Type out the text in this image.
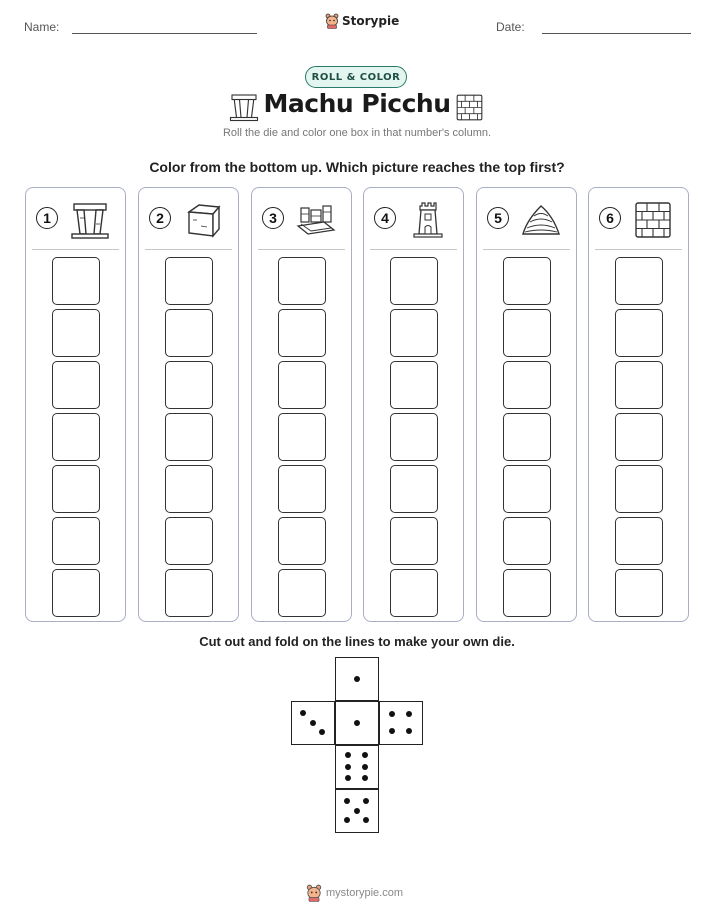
Name:	Storypie	Date:
ROLL & COLOR
Machu Picchu
Roll the die and color one box in that number's column.
Color from the bottom up. Which picture reaches the top first?
1	2	3	4	5	6
Cut out and fold on the lines to make your own die.
mystorypie.com
